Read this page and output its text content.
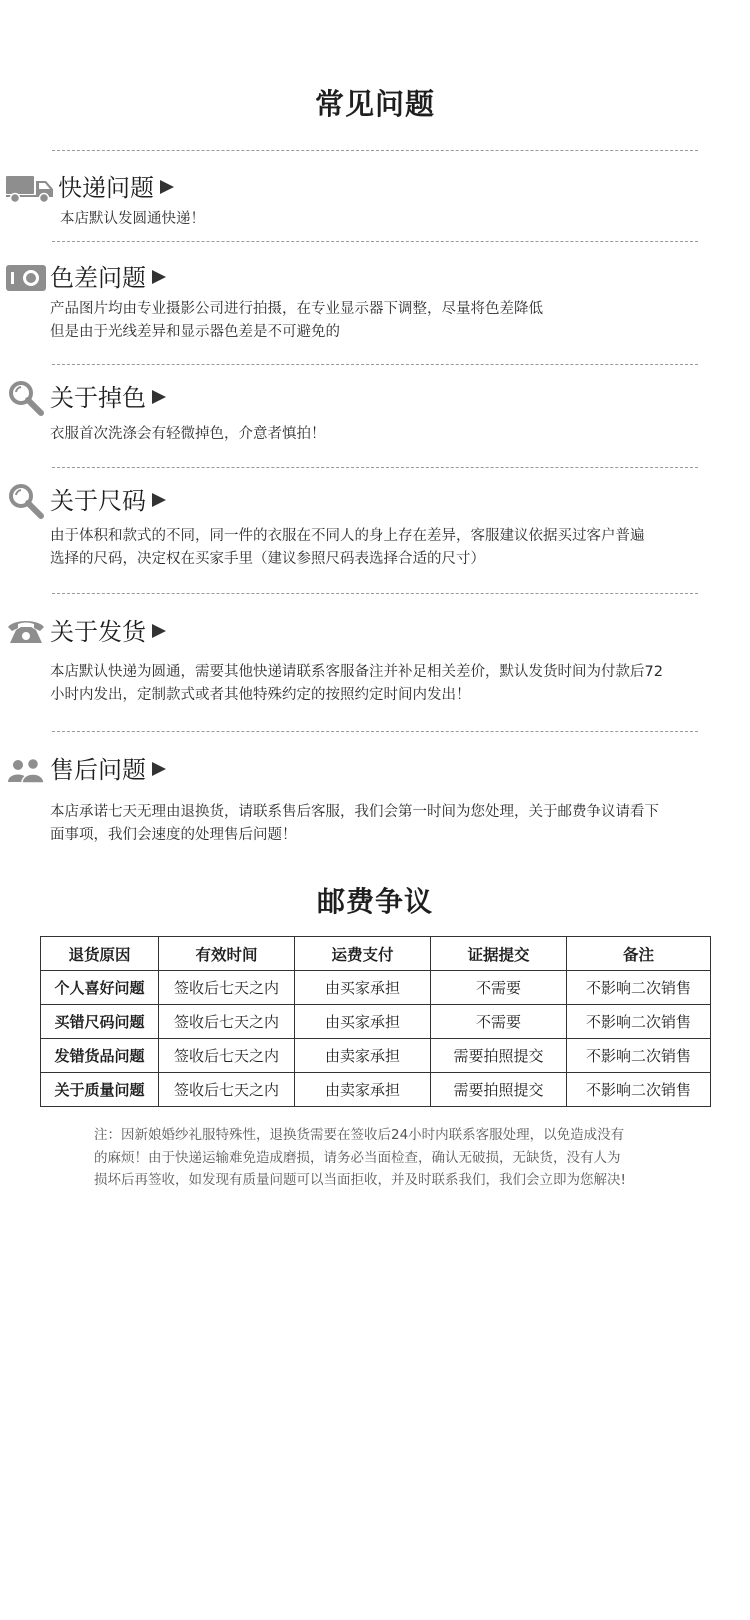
常见问题
快递问题
本店默认发圆通快递！
色差问题
产品图片均由专业摄影公司进行拍摄，在专业显示器下调整，尽量将色差降低
但是由于光线差异和显示器色差是不可避免的
关于掉色
衣服首次洗涤会有轻微掉色，介意者慎拍！
关于尺码
由于体积和款式的不同，同一件的衣服在不同人的身上存在差异，客服建议依据买过客户普遍
选择的尺码，决定权在买家手里（建议参照尺码表选择合适的尺寸）
关于发货
本店默认快递为圆通，需要其他快递请联系客服备注并补足相关差价，默认发货时间为付款后72
小时内发出，定制款式或者其他特殊约定的按照约定时间内发出！
售后问题
本店承诺七天无理由退换货，请联系售后客服，我们会第一时间为您处理，关于邮费争议请看下
面事项，我们会速度的处理售后问题！
邮费争议
退货原因	有效时间	运费支付	证据提交	备注
个人喜好问题	签收后七天之内	由买家承担	不需要	不影响二次销售
买错尺码问题	签收后七天之内	由买家承担	不需要	不影响二次销售
发错货品问题	签收后七天之内	由卖家承担	需要拍照提交	不影响二次销售
关于质量问题	签收后七天之内	由卖家承担	需要拍照提交	不影响二次销售
注：因新娘婚纱礼服特殊性，退换货需要在签收后24小时内联系客服处理，以免造成没有
的麻烦！由于快递运输难免造成磨损，请务必当面检查，确认无破损，无缺货，没有人为
损坏后再签收，如发现有质量问题可以当面拒收，并及时联系我们，我们会立即为您解决!
